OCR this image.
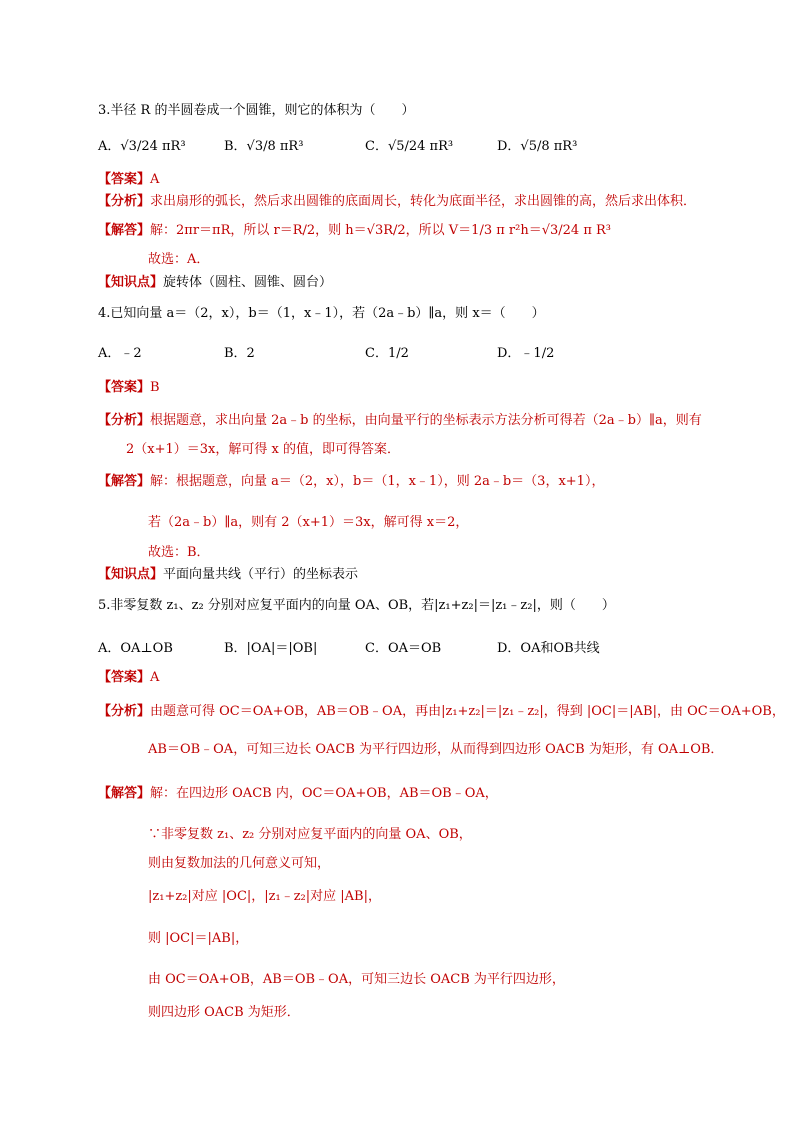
3.半径 R 的半圆卷成一个圆锥，则它的体积为（　　）
A．√3/24 πR³	B．√3/8 πR³	C．√5/24 πR³	D．√5/8 πR³
【答案】A
【分析】求出扇形的弧长，然后求出圆锥的底面周长，转化为底面半径，求出圆锥的高，然后求出体积．
【解答】解：2πr＝πR，所以 r＝R/2，则 h＝√3R/2，所以 V＝1/3 π r²h＝√3/24 π R³
故选：A．
【知识点】旋转体（圆柱、圆锥、圆台）
4.已知向量 a＝（2，x），b＝（1，x﹣1），若（2a﹣b）∥a，则 x＝（　　）
A．﹣2	B．2	C．1/2	D．﹣1/2
【答案】B
【分析】根据题意，求出向量 2a﹣b 的坐标，由向量平行的坐标表示方法分析可得若（2a﹣b）∥a，则有
2（x+1）＝3x，解可得 x 的值，即可得答案．
【解答】解：根据题意，向量 a＝（2，x），b＝（1，x﹣1），则 2a﹣b＝（3，x+1），
若（2a﹣b）∥a，则有 2（x+1）＝3x，解可得 x＝2，
故选：B．
【知识点】平面向量共线（平行）的坐标表示
5.非零复数 z₁、z₂ 分别对应复平面内的向量 OA、OB，若|z₁+z₂|＝|z₁﹣z₂|，则（　　）
A．OA⊥OB	B．|OA|＝|OB|	C．OA＝OB	D．OA和OB共线
【答案】A
【分析】由题意可得 OC＝OA+OB，AB＝OB﹣OA，再由|z₁+z₂|＝|z₁﹣z₂|，得到 |OC|＝|AB|，由 OC＝OA+OB，
AB＝OB﹣OA，可知三边长 OACB 为平行四边形，从而得到四边形 OACB 为矩形，有 OA⊥OB．
【解答】解：在四边形 OACB 内，OC＝OA+OB，AB＝OB﹣OA，
∵非零复数 z₁、z₂ 分别对应复平面内的向量 OA、OB，
则由复数加法的几何意义可知，
|z₁+z₂|对应 |OC|，|z₁﹣z₂|对应 |AB|，
则 |OC|＝|AB|，
由 OC＝OA+OB，AB＝OB﹣OA，可知三边长 OACB 为平行四边形，
则四边形 OACB 为矩形．
